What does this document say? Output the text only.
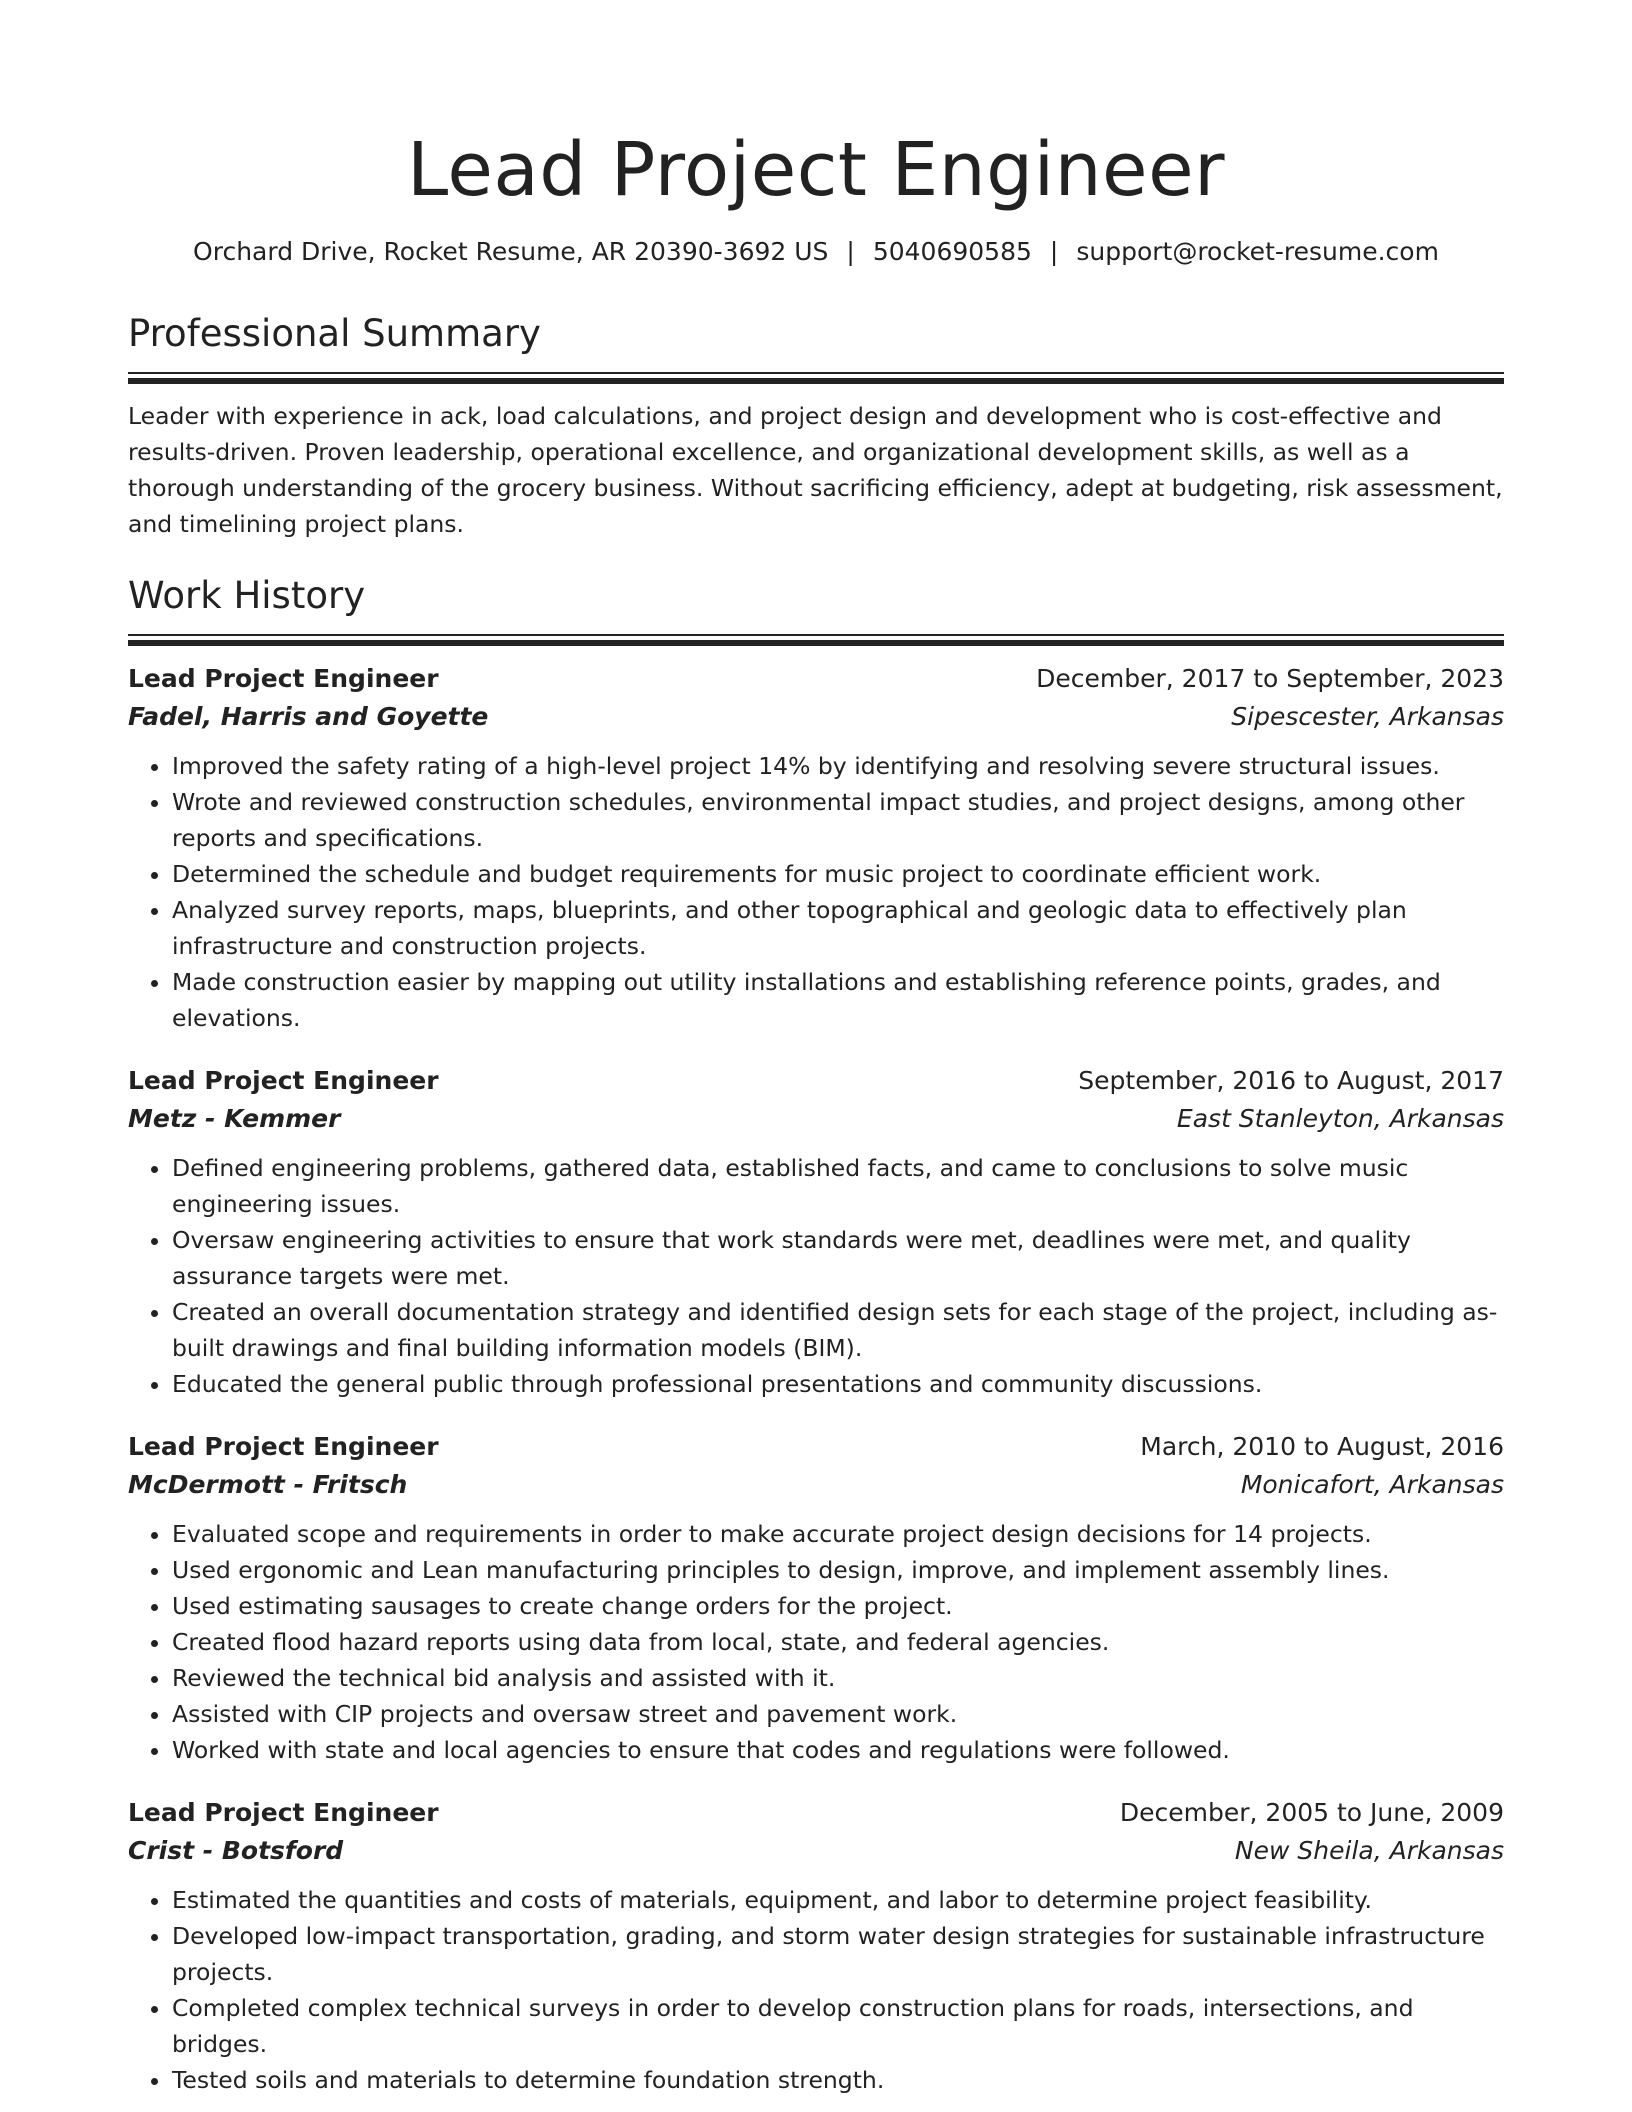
Lead Project Engineer
Orchard Drive, Rocket Resume, AR 20390-3692 US | 5040690585 | support@rocket-resume.com
Professional Summary
Leader with experience in ack, load calculations, and project design and development who is cost-effective and results-driven. Proven leadership, operational excellence, and organizational development skills, as well as a thorough understanding of the grocery business. Without sacrificing efficiency, adept at budgeting, risk assessment, and timelining project plans.
Work History
Lead Project Engineer	December, 2017 to September, 2023
Fadel, Harris and Goyette	Sipescester, Arkansas
• Improved the safety rating of a high-level project 14% by identifying and resolving severe structural issues.
• Wrote and reviewed construction schedules, environmental impact studies, and project designs, among other reports and specifications.
• Determined the schedule and budget requirements for music project to coordinate efficient work.
• Analyzed survey reports, maps, blueprints, and other topographical and geologic data to effectively plan infrastructure and construction projects.
• Made construction easier by mapping out utility installations and establishing reference points, grades, and elevations.
Lead Project Engineer	September, 2016 to August, 2017
Metz - Kemmer	East Stanleyton, Arkansas
• Defined engineering problems, gathered data, established facts, and came to conclusions to solve music engineering issues.
• Oversaw engineering activities to ensure that work standards were met, deadlines were met, and quality assurance targets were met.
• Created an overall documentation strategy and identified design sets for each stage of the project, including as-built drawings and final building information models (BIM).
• Educated the general public through professional presentations and community discussions.
Lead Project Engineer	March, 2010 to August, 2016
McDermott - Fritsch	Monicafort, Arkansas
• Evaluated scope and requirements in order to make accurate project design decisions for 14 projects.
• Used ergonomic and Lean manufacturing principles to design, improve, and implement assembly lines.
• Used estimating sausages to create change orders for the project.
• Created flood hazard reports using data from local, state, and federal agencies.
• Reviewed the technical bid analysis and assisted with it.
• Assisted with CIP projects and oversaw street and pavement work.
• Worked with state and local agencies to ensure that codes and regulations were followed.
Lead Project Engineer	December, 2005 to June, 2009
Crist - Botsford	New Sheila, Arkansas
• Estimated the quantities and costs of materials, equipment, and labor to determine project feasibility.
• Developed low-impact transportation, grading, and storm water design strategies for sustainable infrastructure projects.
• Completed complex technical surveys in order to develop construction plans for roads, intersections, and bridges.
• Tested soils and materials to determine foundation strength.
